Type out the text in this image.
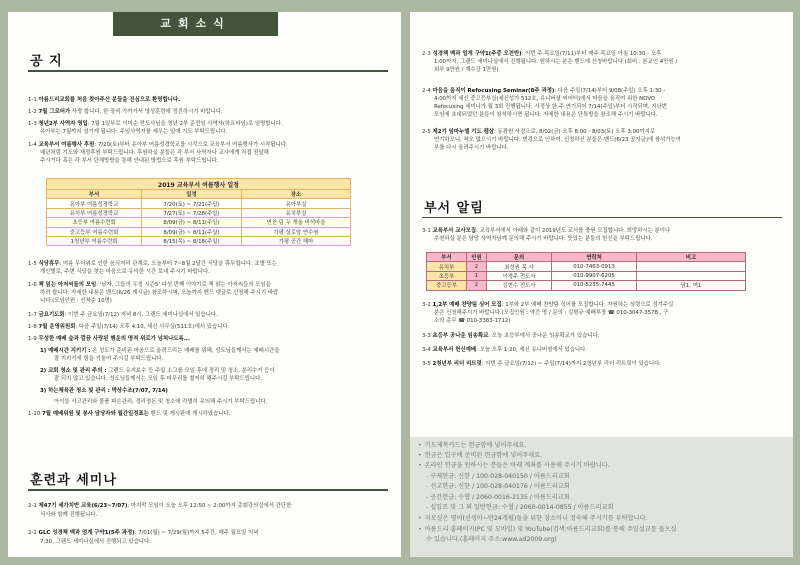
교회소식
공 지
1-1 아름드리교회를 처음 찾아주신 분들을 진심으로 환영합니다.
1-2 7월 그로터가 사랑 합니다. 한 장씩 가까가서 영성훈련에 정진하시기 바랍니다.
1-3 청년2부 사역자 영입: 7월 1일부로 이미순 전도사님을 청년 2부 준전임 사역자(하프타임)로 임명합니다.
유아부는 7월까지 섬기게 됩니다. 주임사역자를 세우는 일에 기도 부탁드립니다.
1-4 교육부서 여름행사 후원: 7/20(토)부터 유아부 여름성경학교를 시작으로 교육부서 여름행사가 시작됩니다.
예년처럼 기도와 재정후원 부탁드립니다. 후원하실 분들은 각 부서 사역자나 교사에게 직접 전달해
주시거나 혹은 각 부서 단체방방을 통해 안내된 방법으로 후원 부탁드립니다.
2019 교육부서 여름행사 일정		
부서	일정	장소
유아부 여름성경학교	7/20(토) ~ 7/21(주일)	유아부실
유치부 여름성경학교	7/27(토) ~ 7/28(주일)	유치부실
초등부 여름수련회	8/09(금) ~ 8/11(주일)	연천 덤 두 개울 비석마을
중고등부 여름수련회	8/09(금) ~ 8/11(주일)	가평 실로암 연수원
1청년부 여름수련회	8/15(목) ~ 8/18(주일)	가평 공간 해마
1-5 식당휴무: 여름 무더위로 인한 음식저리 관계로, 오늘부터 7~8월 2달간 식당을 휴무합니다. 조별 또는
개인별로, 주변 식당을 찾는 마음으로 유익한 시간 보내 주시기 바랍니다.
1-6 책 읽는 아저씨들의 모임: '남자, 그들의 우정 시즌5' 다섯 번째 이야기로 책 읽는 아저씨들의 모임을
하려 합니다. 자세한 내용은 밴드(6/26 게시글) 참조하시며, 오늘까지 밴드 댓글로 신청해 주시기 바랍
니다.(모임인원 : 선착순 10명)
1-7 금요기도회: 이번 주 금요일(7/12) 저녁 8시, 그랜드 세미나실에서 있습니다.
1-8 7월 운영위원회: 다음 주일(7/14) 오후 4:10, 세신 사무실(511호)에서 있습니다.
1-9 무성한 예배 숲과 깔끔 사랑된 행운의 영적 위로가 넘쳐나도록...
1) 예배시간 지키기 : 온 성도가 준비된 마음으로 올려드리는 예배를 위해, 성도님들께서는 예배시간을
잘 지키기에 힘을 기울여 주시길 부탁드립니다.
2) 교회 청소 및 관리 주의 : 그랜드 유지보수 등 주일 소그룹 모임 후에 정리 및 청소, 분리수거 등이
잘 되지 않고 있습니다. 성도님들께서는 모임 후 마무리를 철저히 해주시길 부탁드립니다.
3) 하는체육관 청소 및 관리 : 박상수조(7/07, 7/14)
아이들 사고관리와 물품 파손관리, 정리정돈 및 청소에 각별히 유의해 주시기 부탁드립니다.
1-10 7월 예배위원 및 봉사 담당자와 월간일정표는 밴드 및 게시판에 게시하였습니다.
훈련과 세미나
2-1 제47기 세가치반 교육(6/23~7/07): 마지막 모임이 오늘 오후 12:50 ~ 2:00까지 총회강의실에서 간단한
식사와 함께 진행됩니다.
2-2 GLC 성경책 맥과 엄게 구약1(5주 과정): 7/01(월) ~ 7/29(월)까지 5주간, 매주 월요일 저녁
7:30, 그랜드 세미나실에서 진행되고 있습니다.
2-3 성경책 맥과 엄게 구약1(주중 오전반): 이번 주 목요일(7/11)부터 매주 목요일 아침 10:30 - 오후
1:00까지, 그랜드 세미나실에서 진행됩니다. 원하시는 분은 밴드에 신청바랍니다.(회비 : 본교인 4만원 /
외부 9만원 / 재수강 1만원)
2-4 마음을 움직이 Refocusing Seminar(8주 과정): 다음 주일(7/14)부터 9/08(주일) 오후 1:30 -
4:00까지 세신 중고등부실(세신성가 512호, 유니버셜 씨어터)에서 마음을 움직여 위한 NOVO
Refocusing 세미나가 월 3회 진행됩니다. 사정상 한 주 연기되어 7/14(주일)부터 시작되며, 지난번
모임에 초대되었던 분들이 참석하시면 됩니다. 자세한 내용은 단톡방을 참조해 주시기 바랍니다.
2-5 제2기 임마누엘 기도 캠삼: 동광원 사정으로, 8/02(금) 오후 8:00 - 8/03(토) 오후 3:00까지로
연기하오니, 착오 없으시기 바랍니다. 변경으로 인하여, 신청하신 분들은 밴드(6/23 공지글)에 참석가능여
부를 다시 올려주시기 바랍니다.
부서 알림
3-1 교육부서 교사모집: 교육부서에서 아래와 같이 2019년도 교사를 충원 모집합니다. 희망하시는 분이나
추천하실 분은 담당 사역자님께 문의해 주시기 바랍니다. 뜻있는 분들의 헌신을 부탁드립니다.
부서	인원	문의	연락처	비고
유치부	2	최성원 목 사	010-7463-0913	
초등부	1	이경주 전도사	010-9907-6205	
중고등부	2	김현수 전도사	010-5235-7445	남1, 여1
3-2 1,2부 예배 찬양팀 싱어 모집: 1부와 2부 예배 찬양팀 싱어를 모집합니다. 자원하는 심령으로 섬겨주실
분은 신청해주시기 바랍니다.(모집인원 : 약간 명 / 문의 : 김형규 예배부장 ☎ 010-3047-3578 , 구
소라 총무 ☎ 010-3383-1712)
3-3 초등부 공나운 임송확교: 오늘 초등부에서 공나운 임송확교가 있습니다.
3-4 교육부서 헌신예배: 오늘 오후 1:20, 세신 유니버셜에서 있습니다.
3-5 2청년부 리더 리트릿: 이번 주 금요일(7/12) ~ 주일(7/14)까지 2청년부 리더 리트릿이 있습니다.
• 기도제목카드는 헌금함에 넣어주세요.
• 헌금은 입구에 준비된 헌금함에 넣어주세요.
• 온라인 헌금을 원하시는 분들은 아래 계좌를 사용해 주시기 바랍니다.
- 구제헌금: 신한 / 100-028-040150 / 아름드리교회
- 선교헌금: 신한 / 100-028-040176 / 아름드리교회
- 공간헌금: 수협 / 2060-0016-2135 / 아름드리교회
- 십일조 및 그 외 일반헌금: 수협 / 2060-0014-0855 / 아름드리교회
• 자모실은 영어(신생아~만24개월)들을 위한 장소이니 정숙해 주시기를 부탁합니다.
• 아름드리 홈페이지(PC 및 모바일) 및 YouTube(검색:아름드리교회)를 통해 주일설교를 들으실
수 있습니다.(홈페이지 주소:www.ad2009.org)
